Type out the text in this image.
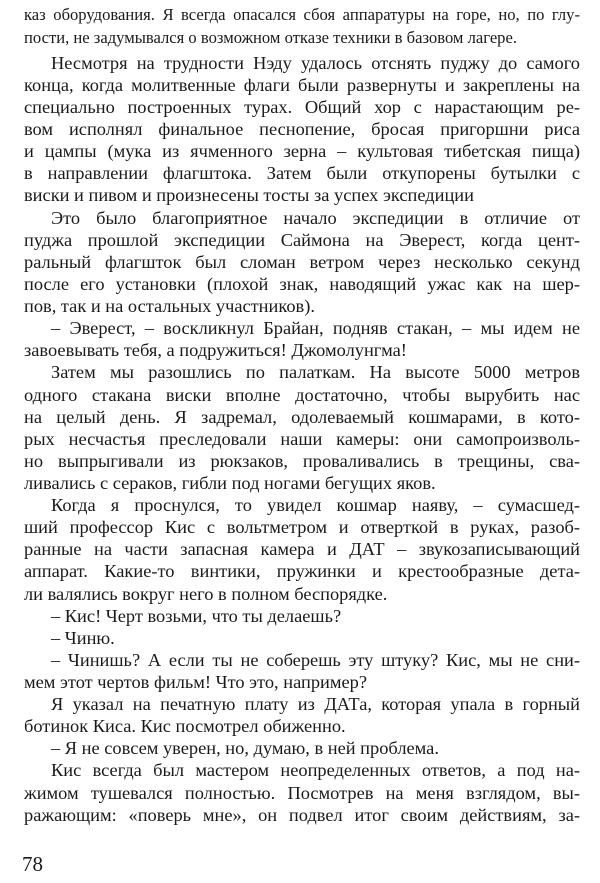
каз оборудования. Я всегда опасался сбоя аппаратуры на горе, но, по глу-
пости, не задумывался о возможном отказе техники в базовом лагере.
Несмотря на трудности Нэду удалось отснять пуджу до самого
конца, когда молитвенные флаги были развернуты и закреплены на
специально построенных турах. Общий хор с нарастающим ре-
вом исполнял финальное песнопение, бросая пригоршни риса
и цампы (мука из ячменного зерна – культовая тибетская пища)
в направлении флагштока. Затем были откупорены бутылки с
виски и пивом и произнесены тосты за успех экспедиции
Это было благоприятное начало экспедиции в отличие от
пуджа прошлой экспедиции Саймона на Эверест, когда цент-
ральный флагшток был сломан ветром через несколько секунд
после его установки (плохой знак, наводящий ужас как на шер-
пов, так и на остальных участников).
– Эверест, – воскликнул Брайан, подняв стакан, – мы идем не
завоевывать тебя, а подружиться! Джомолунгма!
Затем мы разошлись по палаткам. На высоте 5000 метров
одного стакана виски вполне достаточно, чтобы вырубить нас
на целый день. Я задремал, одолеваемый кошмарами, в кото-
рых несчастья преследовали наши камеры: они самопроизволь-
но выпрыгивали из рюкзаков, проваливались в трещины, сва-
ливались с сераков, гибли под ногами бегущих яков.
Когда я проснулся, то увидел кошмар наяву, – сумасшед-
ший профессор Кис с вольтметром и отверткой в руках, разоб-
ранные на части запасная камера и ДАТ – звукозаписывающий
аппарат. Какие-то винтики, пружинки и крестообразные дета-
ли валялись вокруг него в полном беспорядке.
– Кис! Черт возьми, что ты делаешь?
– Чиню.
– Чинишь? А если ты не соберешь эту штуку? Кис, мы не сни-
мем этот чертов фильм! Что это, например?
Я указал на печатную плату из ДАТа, которая упала в горный
ботинок Киса. Кис посмотрел обиженно.
– Я не совсем уверен, но, думаю, в ней проблема.
Кис всегда был мастером неопределенных ответов, а под на-
жимом тушевался полностью. Посмотрев на меня взглядом, вы-
ражающим: «поверь мне», он подвел итог своим действиям, за-
78
